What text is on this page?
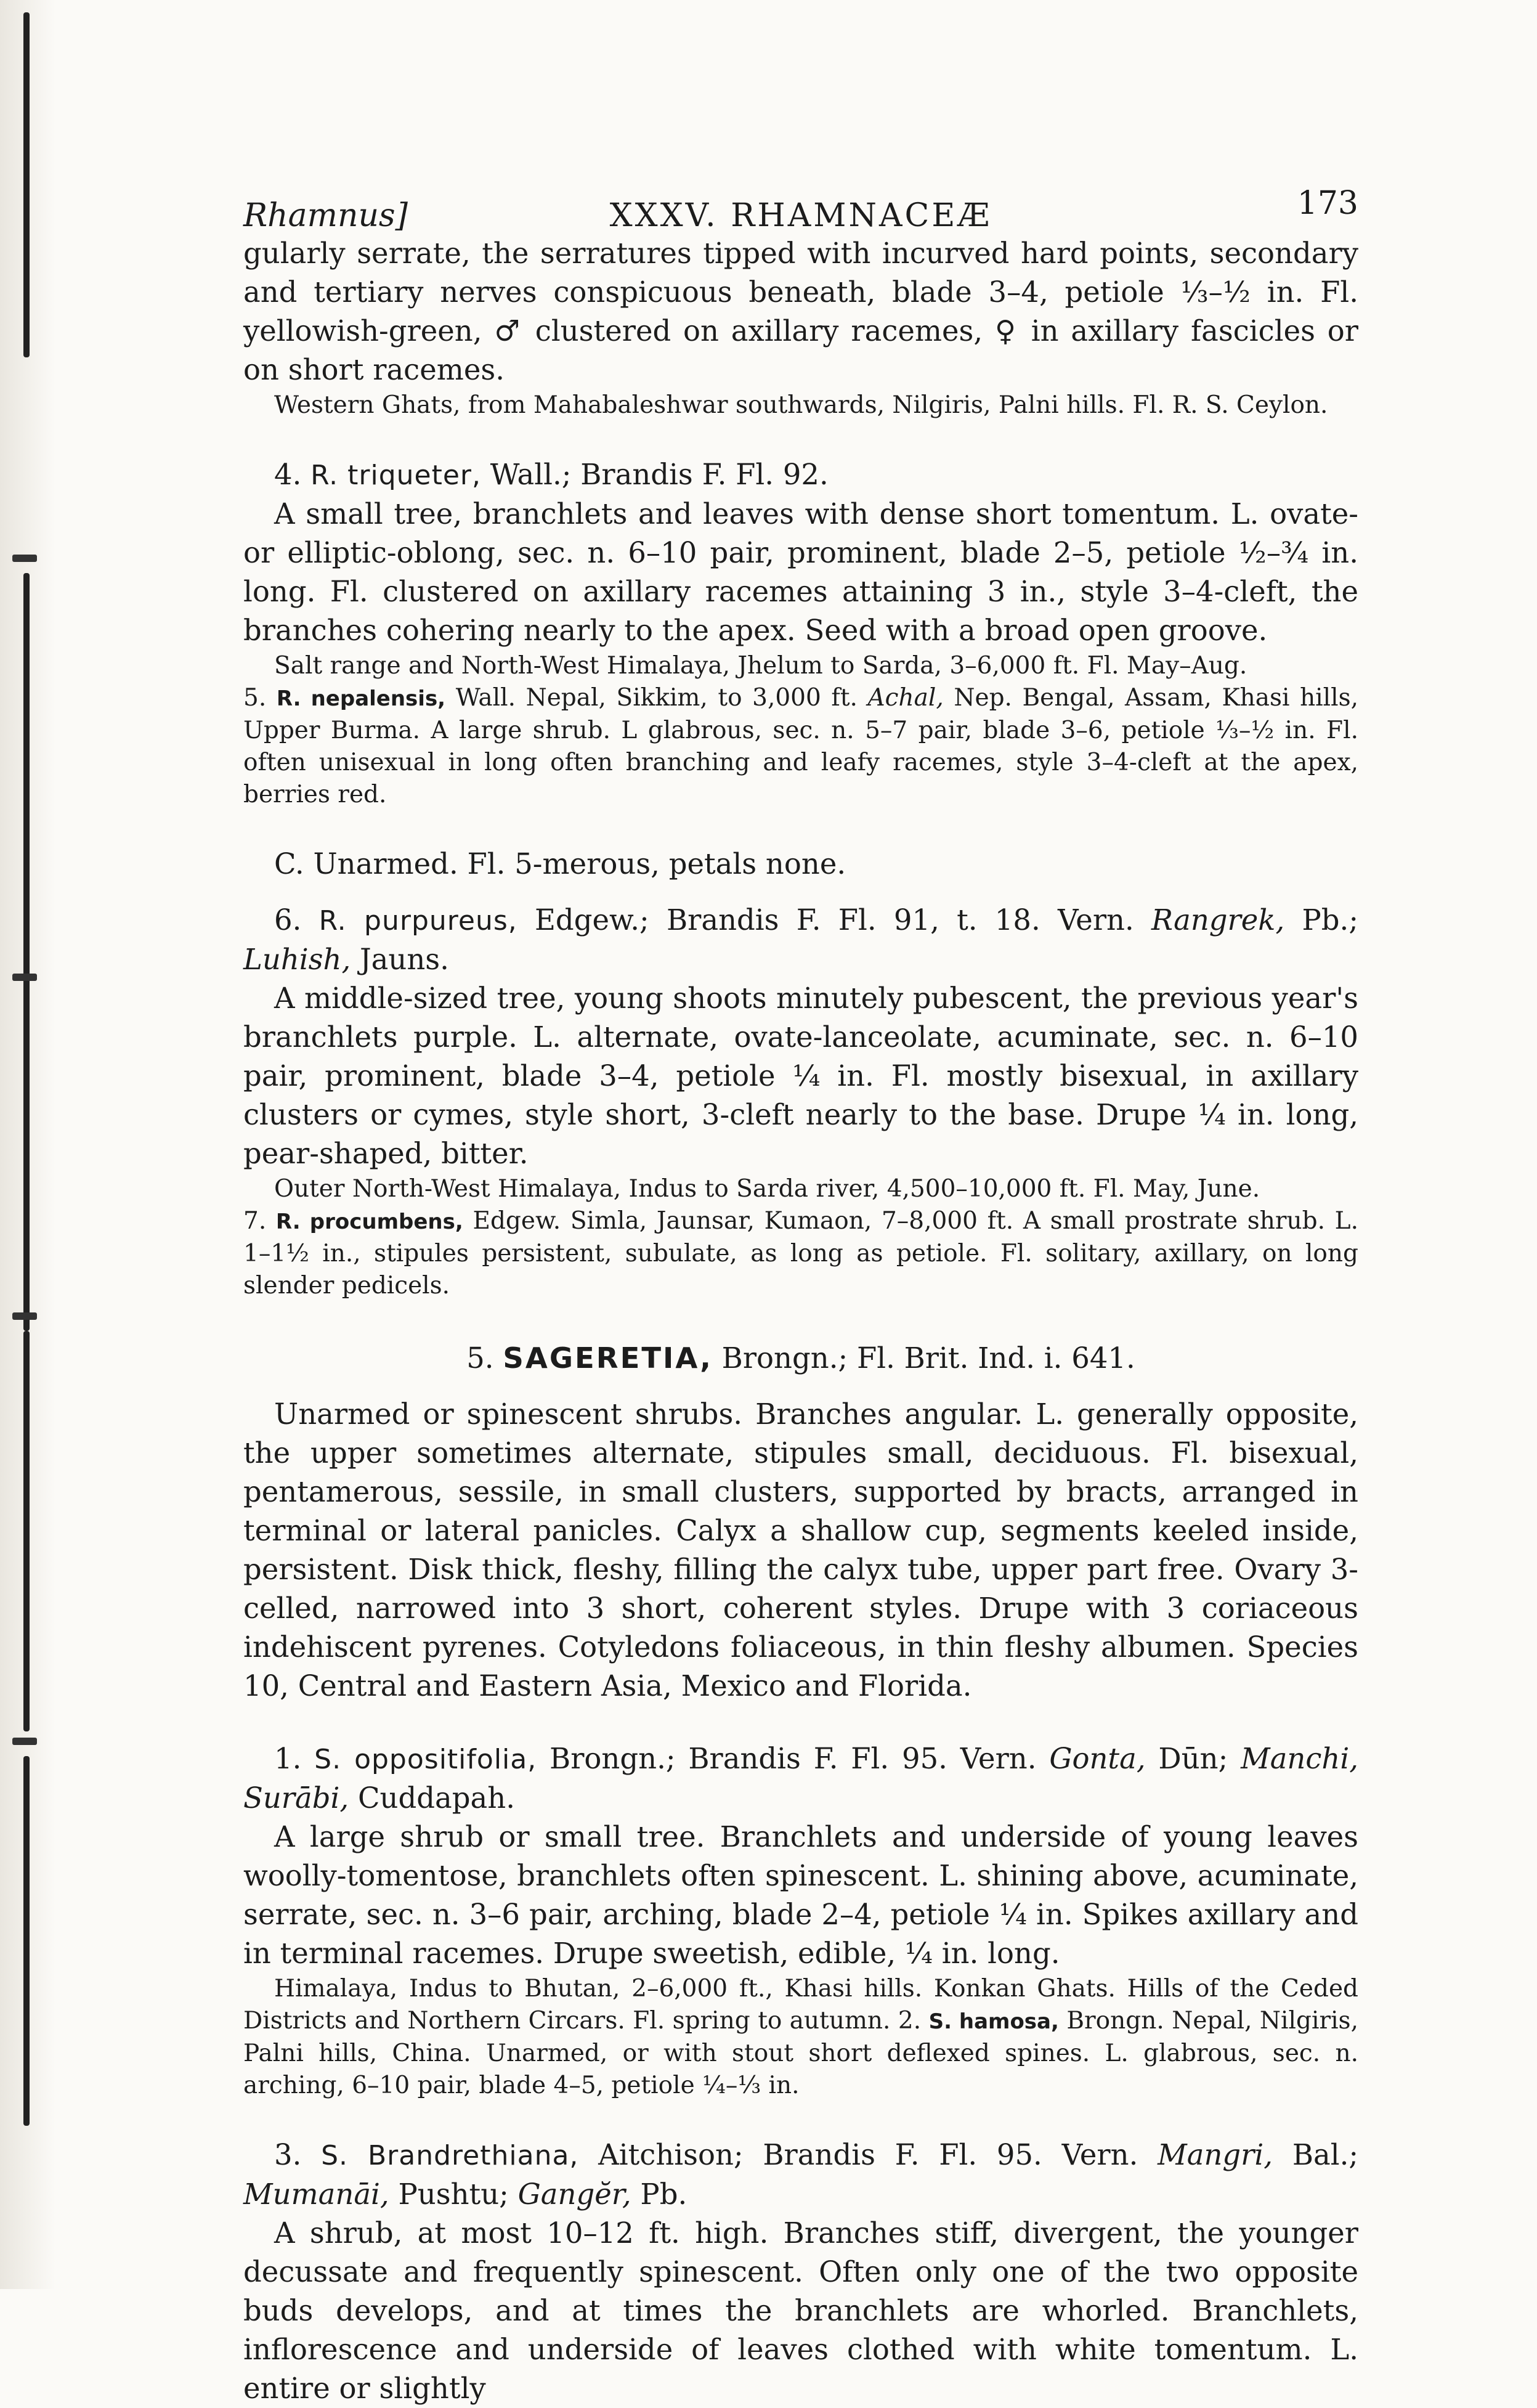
Rhamnus]	XXXV. RHAMNACEÆ	173

gularly serrate, the serratures tipped with incurved hard points, secondary and tertiary nerves conspicuous beneath, blade 3–4, petiole ⅓–½ in. Fl. yellowish-green, ♂ clustered on axillary racemes, ♀ in axillary fascicles or on short racemes.

Western Ghats, from Mahabaleshwar southwards, Nilgiris, Palni hills. Fl. R. S. Ceylon.

4. R. triqueter, Wall.; Brandis F. Fl. 92.

A small tree, branchlets and leaves with dense short tomentum. L. ovate- or elliptic-oblong, sec. n. 6–10 pair, prominent, blade 2–5, petiole ½–¾ in. long. Fl. clustered on axillary racemes attaining 3 in., style 3–4-cleft, the branches cohering nearly to the apex. Seed with a broad open groove.

Salt range and North-West Himalaya, Jhelum to Sarda, 3–6,000 ft. Fl. May–Aug.

5. R. nepalensis, Wall. Nepal, Sikkim, to 3,000 ft. Achal, Nep. Bengal, Assam, Khasi hills, Upper Burma. A large shrub. L glabrous, sec. n. 5–7 pair, blade 3–6, petiole ⅓–½ in. Fl. often unisexual in long often branching and leafy racemes, style 3–4-cleft at the apex, berries red.

C. Unarmed. Fl. 5-merous, petals none.

6. R. purpureus, Edgew.; Brandis F. Fl. 91, t. 18. Vern. Rangrek, Pb.; Luhish, Jauns.

A middle-sized tree, young shoots minutely pubescent, the previous year's branchlets purple. L. alternate, ovate-lanceolate, acuminate, sec. n. 6–10 pair, prominent, blade 3–4, petiole ¼ in. Fl. mostly bisexual, in axillary clusters or cymes, style short, 3-cleft nearly to the base. Drupe ¼ in. long, pear-shaped, bitter.

Outer North-West Himalaya, Indus to Sarda river, 4,500–10,000 ft. Fl. May, June.

7. R. procumbens, Edgew. Simla, Jaunsar, Kumaon, 7–8,000 ft. A small prostrate shrub. L. 1–1½ in., stipules persistent, subulate, as long as petiole. Fl. solitary, axillary, on long slender pedicels.

5. SAGERETIA, Brongn.; Fl. Brit. Ind. i. 641.

Unarmed or spinescent shrubs. Branches angular. L. generally opposite, the upper sometimes alternate, stipules small, deciduous. Fl. bisexual, pentamerous, sessile, in small clusters, supported by bracts, arranged in terminal or lateral panicles. Calyx a shallow cup, segments keeled inside, persistent. Disk thick, fleshy, filling the calyx tube, upper part free. Ovary 3-celled, narrowed into 3 short, coherent styles. Drupe with 3 coriaceous indehiscent pyrenes. Cotyledons foliaceous, in thin fleshy albumen. Species 10, Central and Eastern Asia, Mexico and Florida.

1. S. oppositifolia, Brongn.; Brandis F. Fl. 95. Vern. Gonta, Dūn; Manchi, Surābi, Cuddapah.

A large shrub or small tree. Branchlets and underside of young leaves woolly-tomentose, branchlets often spinescent. L. shining above, acuminate, serrate, sec. n. 3–6 pair, arching, blade 2–4, petiole ¼ in. Spikes axillary and in terminal racemes. Drupe sweetish, edible, ¼ in. long.

Himalaya, Indus to Bhutan, 2–6,000 ft., Khasi hills. Konkan Ghats. Hills of the Ceded Districts and Northern Circars. Fl. spring to autumn. 2. S. hamosa, Brongn. Nepal, Nilgiris, Palni hills, China. Unarmed, or with stout short deflexed spines. L. glabrous, sec. n. arching, 6–10 pair, blade 4–5, petiole ¼–⅓ in.

3. S. Brandrethiana, Aitchison; Brandis F. Fl. 95. Vern. Mangri, Bal.; Mumanāi, Pushtu; Gangĕr, Pb.

A shrub, at most 10–12 ft. high. Branches stiff, divergent, the younger decussate and frequently spinescent. Often only one of the two opposite buds develops, and at times the branchlets are whorled. Branchlets, inflorescence and underside of leaves clothed with white tomentum. L. entire or slightly
